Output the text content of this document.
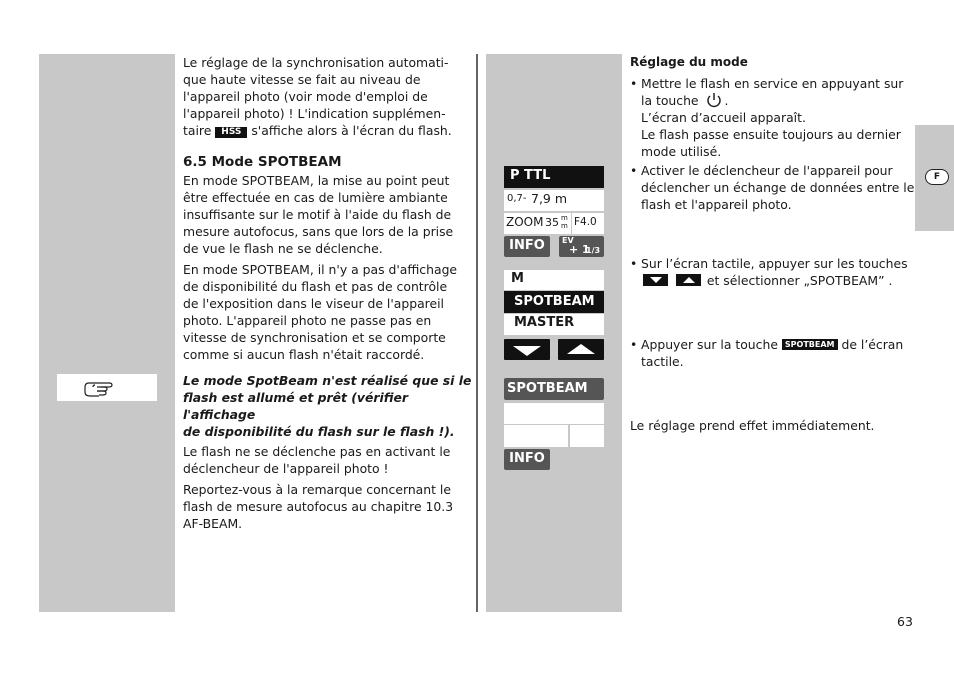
Le réglage de la synchronisation automati-

que haute vitesse se fait au niveau de

l'appareil photo (voir mode d'emploi de

l'appareil photo) ! L'indication supplémen-

taire HSS s'affiche alors à l'écran du flash.

6.5 Mode SPOTBEAM

En mode SPOTBEAM, la mise au point peut

être effectuée en cas de lumière ambiante

insuffisante sur le motif à l'aide du flash de

mesure autofocus, sans que lors de la prise

de vue le flash ne se déclenche.

En mode SPOTBEAM, il n'y a pas d'affichage

de disponibilité du flash et pas de contrôle

de l'exposition dans le viseur de l'appareil

photo. L'appareil photo ne passe pas en

vitesse de synchronisation et se comporte

comme si aucun flash n'était raccordé.

Le mode SpotBeam n'est réalisé que si le

flash est allumé et prêt (vérifier l'affichage

de disponibilité du flash sur le flash !).

Le flash ne se déclenche pas en activant le

déclencheur de l'appareil photo !

Reportez-vous à la remarque concernant le

flash de mesure autofocus au chapitre 10.3

AF-BEAM.

P TTL
0,7- 7,9 m
ZOOM 35 m
m F4.0
INFO	EV
+ 1
1/3
M
SPOTBEAM
MASTER
SPOTBEAM
INFO

Réglage du mode

• Mettre le flash en service en appuyant sur
la touche .
L’écran d’accueil apparaît.
Le flash passe ensuite toujours au dernier
mode utilisé.
• Activer le déclencheur de l'appareil pour
déclencher un échange de données entre le
flash et l'appareil photo.
• Sur l’écran tactile, appuyer sur les touches
et sélectionner „SPOTBEAM” .
• Appuyer sur la touche SPOTBEAM de l’écran
tactile.

Le réglage prend effet immédiatement.

F
63
